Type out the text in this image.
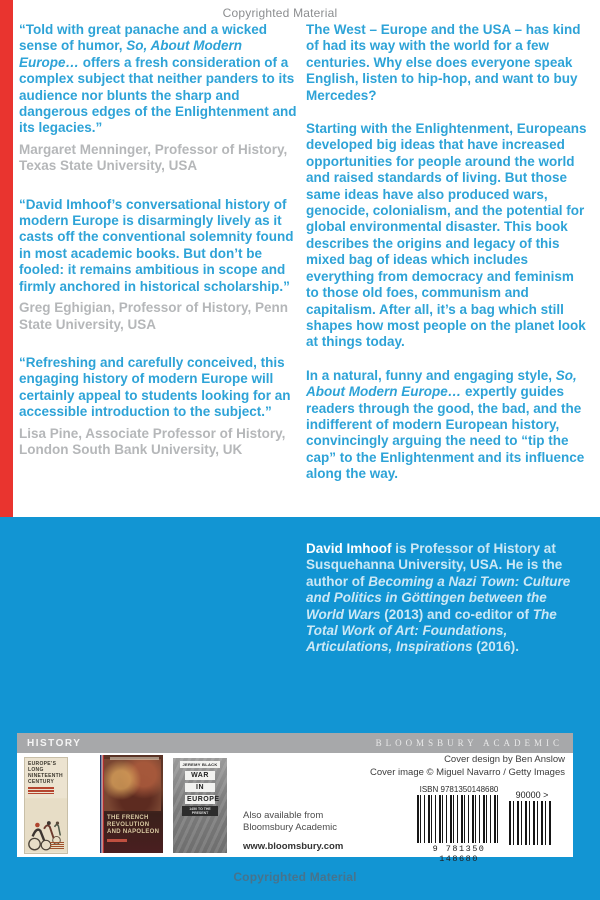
Copyrighted Material
“Told with great panache and a wicked sense of humor, So, About Modern Europe… offers a fresh consideration of a complex subject that neither panders to its audience nor blunts the sharp and dangerous edges of the Enlightenment and its legacies.”
Margaret Menninger, Professor of History, Texas State University, USA
“David Imhoof’s conversational history of modern Europe is disarmingly lively as it casts off the conventional solemnity found in most academic books. But don’t be fooled: it remains ambitious in scope and firmly anchored in historical scholarship.”
Greg Eghigian, Professor of History, Penn State University, USA
“Refreshing and carefully conceived, this engaging history of modern Europe will certainly appeal to students looking for an accessible introduction to the subject.”
Lisa Pine, Associate Professor of History, London South Bank University, UK
The West – Europe and the USA – has kind of had its way with the world for a few centuries. Why else does everyone speak English, listen to hip-hop, and want to buy Mercedes?
Starting with the Enlightenment, Europeans developed big ideas that have increased opportunities for people around the world and raised standards of living. But those same ideas have also produced wars, genocide, colonialism, and the potential for global environmental disaster. This book describes the origins and legacy of this mixed bag of ideas which includes everything from democracy and feminism to those old foes, communism and capitalism. After all, it’s a bag which still shapes how most people on the planet look at things today.
In a natural, funny and engaging style, So, About Modern Europe… expertly guides readers through the good, the bad, and the indifferent of modern European history, convincingly arguing the need to “tip the cap” to the Enlightenment and its influence along the way.
David Imhoof is Professor of History at Susquehanna University, USA. He is the author of Becoming a Nazi Town: Culture and Politics in Göttingen between the World Wars (2013) and co-editor of The Total Work of Art: Foundations, Articulations, Inspirations (2016).
HISTORY	BLOOMSBURY ACADEMIC
EUROPE’S LONG NINETEENTH CENTURY
THE FRENCH REVOLUTION AND NAPOLEON
JEREMY BLACK
WAR
IN
EUROPE
1450 TO THE PRESENT	Also available from
Bloomsbury Academic
www.bloomsbury.com
Cover design by Ben Anslow
Cover image © Miguel Navarro / Getty Images
ISBN 9781350148680
9 781350 148680
90000 >
Copyrighted Material
